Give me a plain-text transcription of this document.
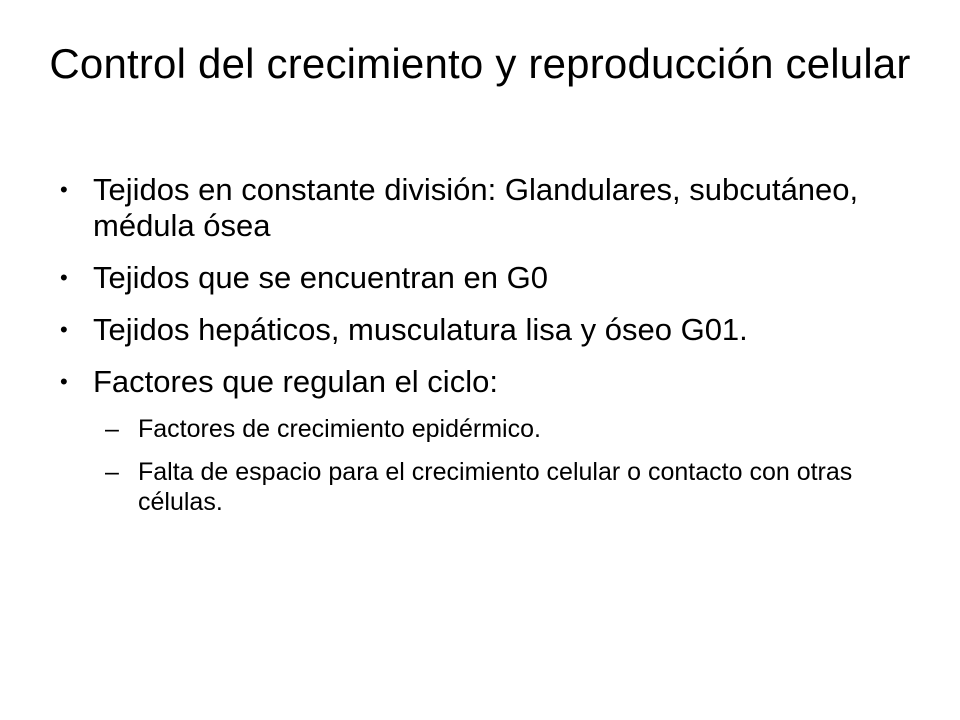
Control del crecimiento y reproducción celular
• Tejidos en constante división: Glandulares, subcutáneo, médula ósea
• Tejidos que se encuentran en G0
• Tejidos hepáticos, musculatura lisa y óseo G01.
• Factores que regulan el ciclo:
– Factores de crecimiento epidérmico.
– Falta de espacio para el crecimiento celular o contacto con otras células.
